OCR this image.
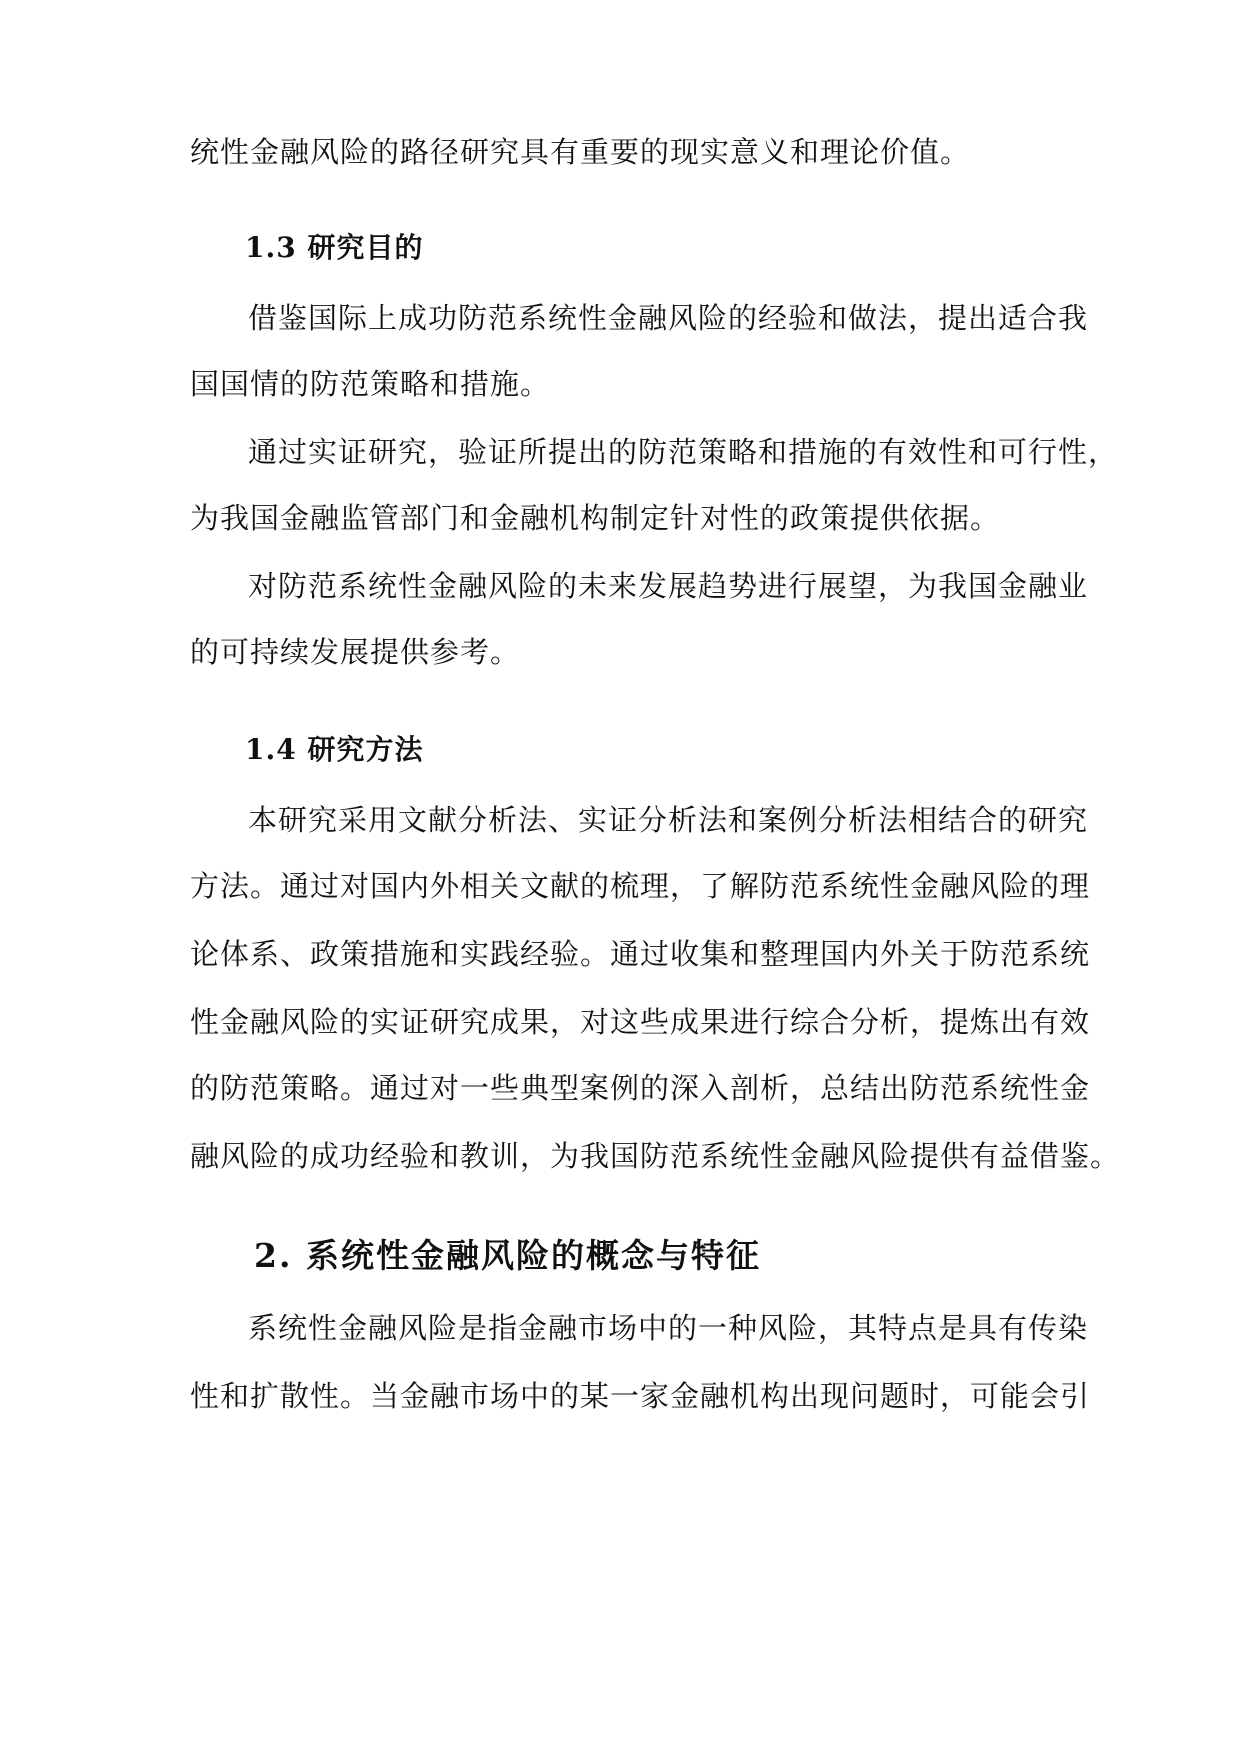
统性金融风险的路径研究具有重要的现实意义和理论价值。
1.3 研究目的
借鉴国际上成功防范系统性金融风险的经验和做法，提出适合我
国国情的防范策略和措施。
通过实证研究，验证所提出的防范策略和措施的有效性和可行性，
为我国金融监管部门和金融机构制定针对性的政策提供依据。
对防范系统性金融风险的未来发展趋势进行展望，为我国金融业
的可持续发展提供参考。
1.4 研究方法
本研究采用文献分析法、实证分析法和案例分析法相结合的研究
方法。通过对国内外相关文献的梳理，了解防范系统性金融风险的理
论体系、政策措施和实践经验。通过收集和整理国内外关于防范系统
性金融风险的实证研究成果，对这些成果进行综合分析，提炼出有效
的防范策略。通过对一些典型案例的深入剖析，总结出防范系统性金
融风险的成功经验和教训，为我国防范系统性金融风险提供有益借鉴。
2. 系统性金融风险的概念与特征
系统性金融风险是指金融市场中的一种风险，其特点是具有传染
性和扩散性。当金融市场中的某一家金融机构出现问题时，可能会引
